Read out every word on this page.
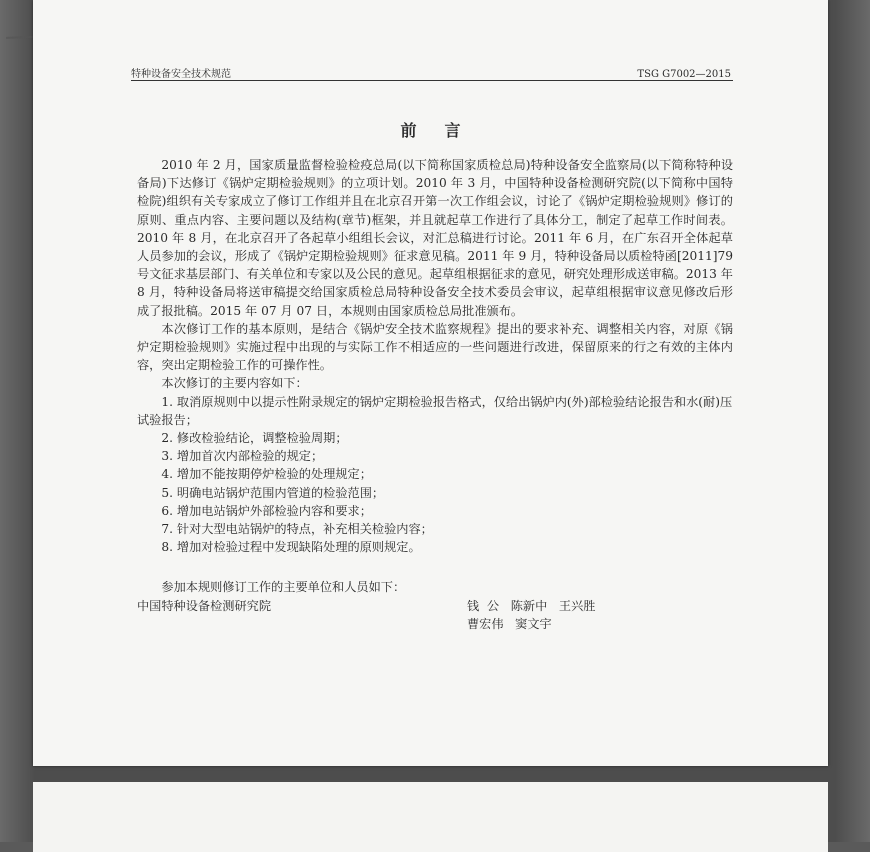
特种设备安全技术规范	TSG G7002—2015
前言

2010 年 2 月，国家质量监督检验检疫总局(以下简称国家质检总局)特种设备安全监察局(以下简称特种设备局)下达修订《锅炉定期检验规则》的立项计划。2010 年 3 月，中国特种设备检测研究院(以下简称中国特检院)组织有关专家成立了修订工作组并且在北京召开第一次工作组会议，讨论了《锅炉定期检验规则》修订的原则、重点内容、主要问题以及结构(章节)框架，并且就起草工作进行了具体分工，制定了起草工作时间表。2010 年 8 月，在北京召开了各起草小组组长会议，对汇总稿进行讨论。2011 年 6 月，在广东召开全体起草人员参加的会议，形成了《锅炉定期检验规则》征求意见稿。2011 年 9 月，特种设备局以质检特函[2011]79 号文征求基层部门、有关单位和专家以及公民的意见。起草组根据征求的意见，研究处理形成送审稿。2013 年 8 月，特种设备局将送审稿提交给国家质检总局特种设备安全技术委员会审议，起草组根据审议意见修改后形成了报批稿。2015 年 07 月 07 日，本规则由国家质检总局批准颁布。

本次修订工作的基本原则，是结合《锅炉安全技术监察规程》提出的要求补充、调整相关内容，对原《锅炉定期检验规则》实施过程中出现的与实际工作不相适应的一些问题进行改进，保留原来的行之有效的主体内容，突出定期检验工作的可操作性。

本次修订的主要内容如下：

1. 取消原规则中以提示性附录规定的锅炉定期检验报告格式，仅给出锅炉内(外)部检验结论报告和水(耐)压试验报告；
2. 修改检验结论，调整检验周期；
3. 增加首次内部检验的规定；
4. 增加不能按期停炉检验的处理规定；
5. 明确电站锅炉范围内管道的检验范围；
6. 增加电站锅炉外部检验内容和要求；
7. 针对大型电站锅炉的特点，补充相关检验内容；
8. 增加对检验过程中发现缺陷处理的原则规定。

参加本规则修订工作的主要单位和人员如下：

中国特种设备检测研究院	钱  公   陈新中   王兴胜
曹宏伟   窦文宇
